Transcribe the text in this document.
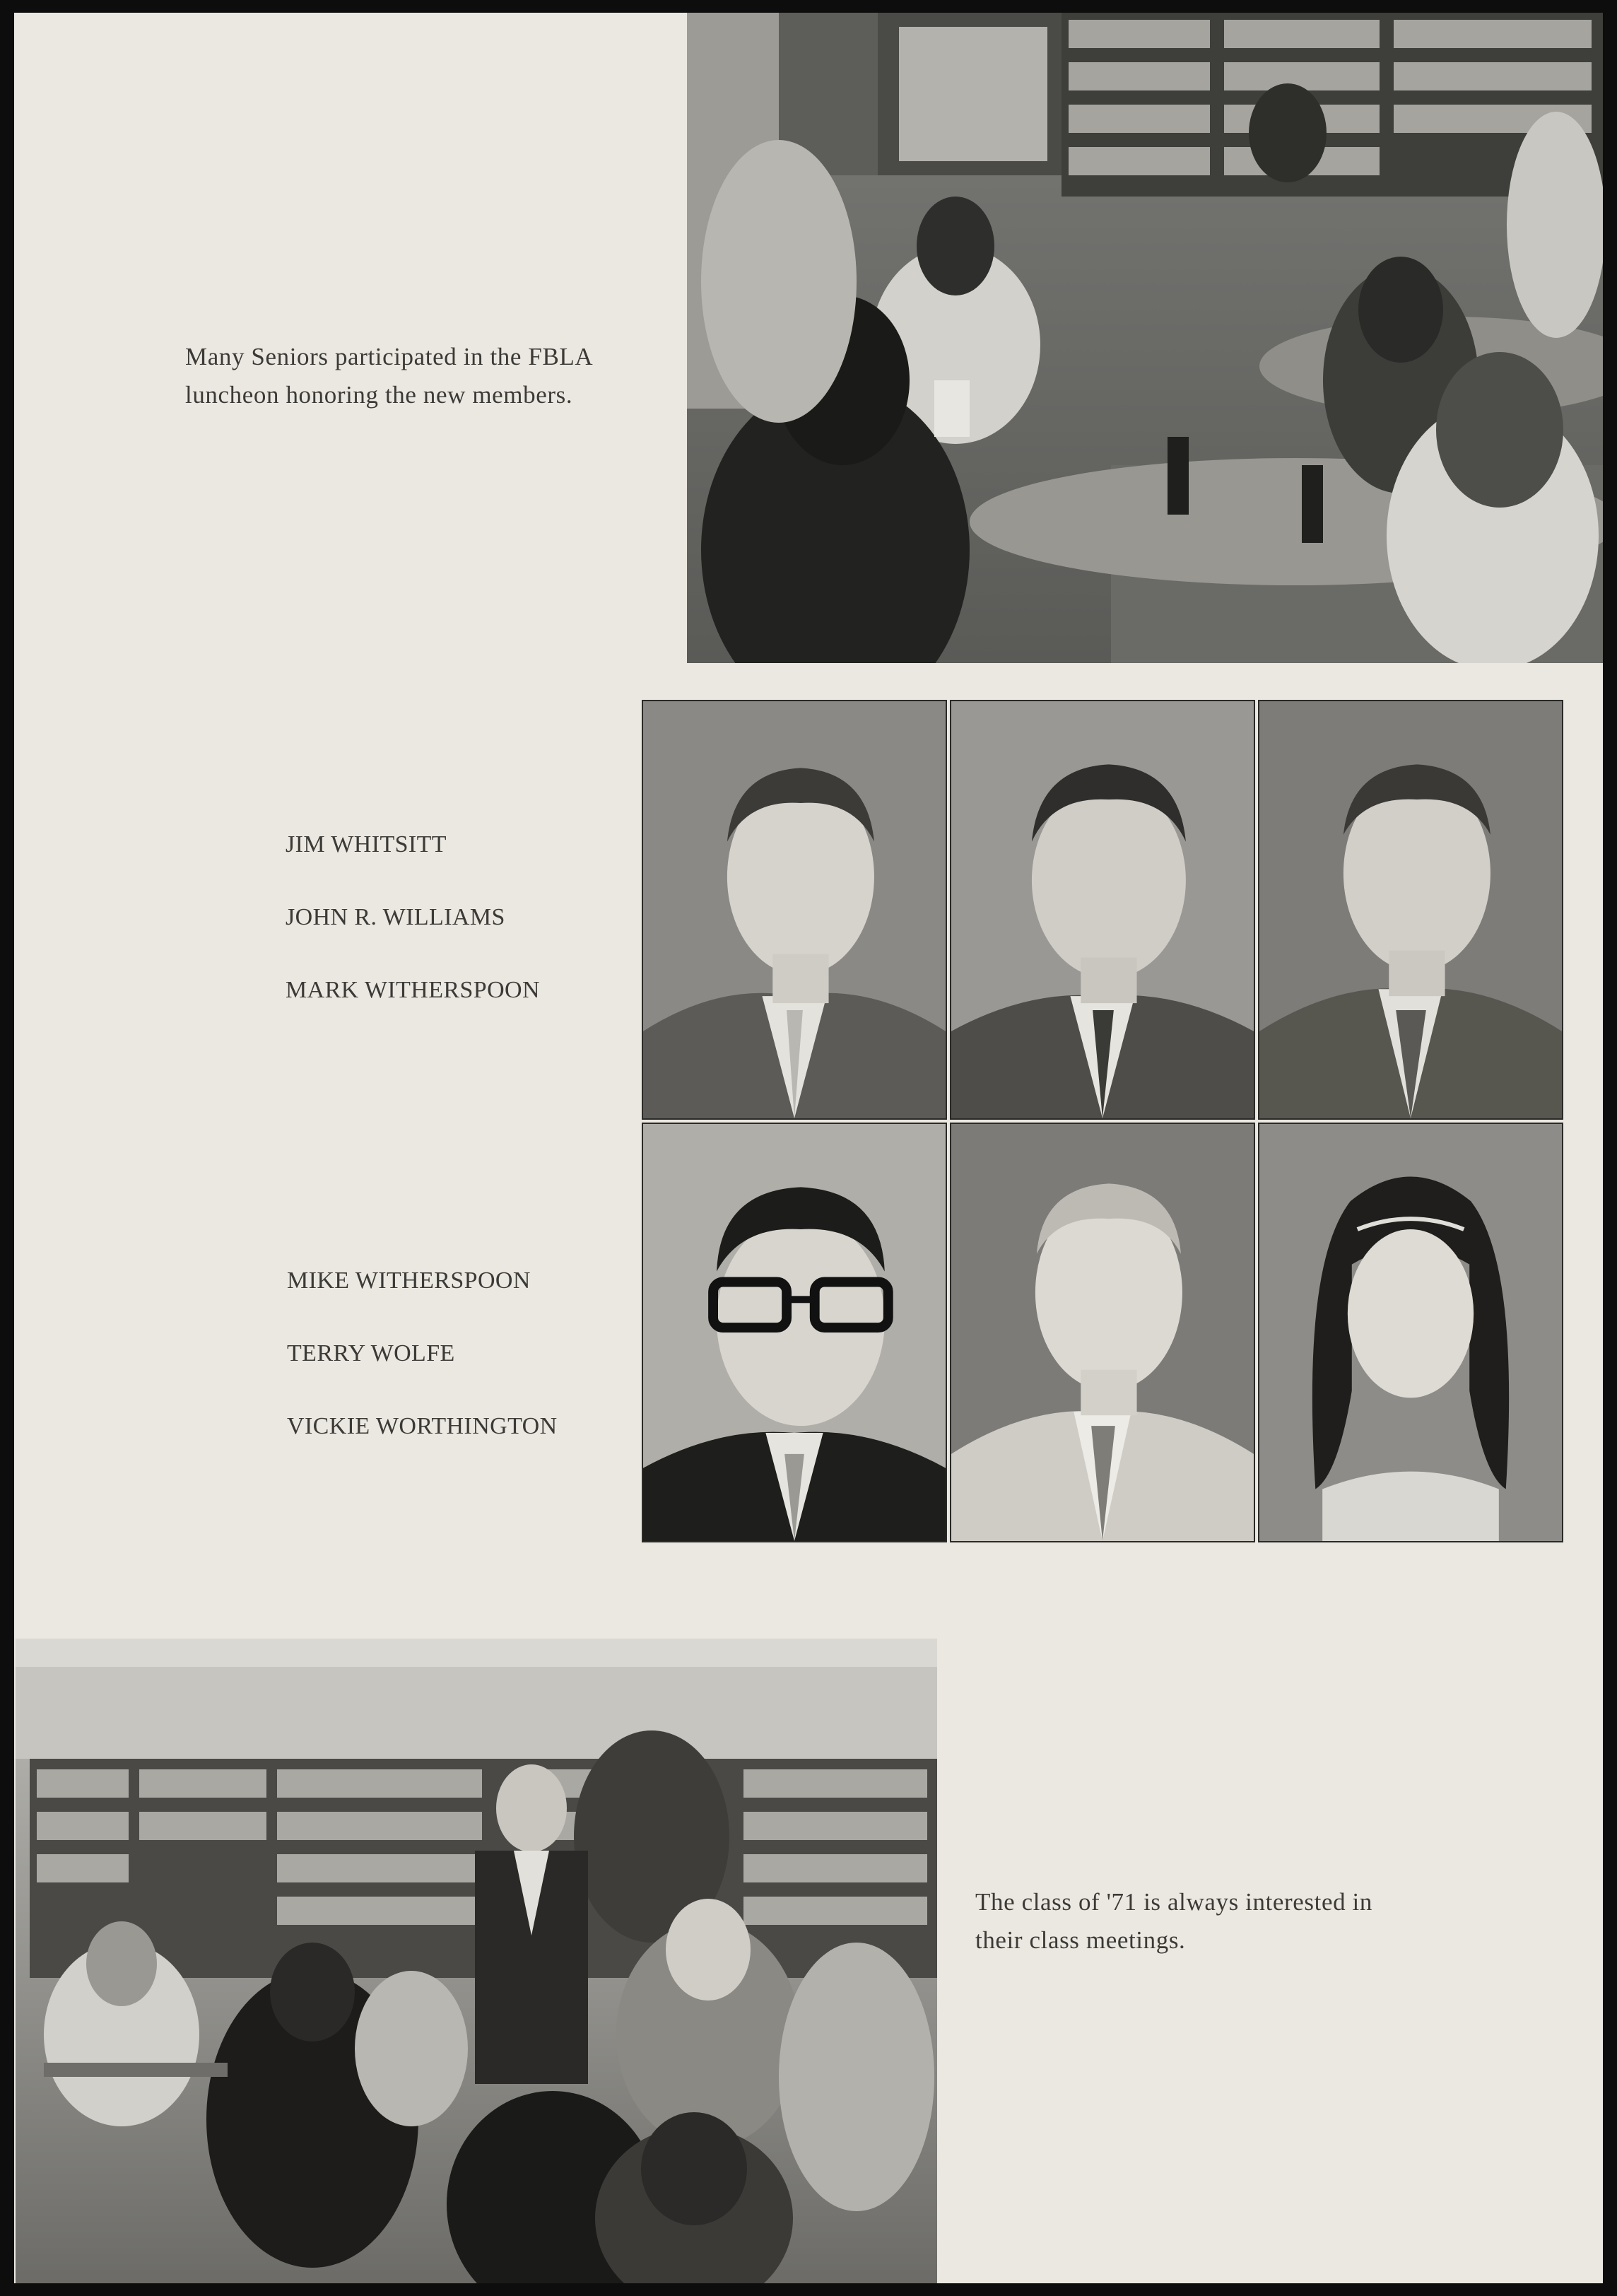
Many Seniors participated in the FBLA
luncheon honoring the new members.
JIM WHITSITT
JOHN R. WILLIAMS
MARK WITHERSPOON
MIKE WITHERSPOON
TERRY WOLFE
VICKIE WORTHINGTON
The class of '71 is always interested in
their class meetings.
